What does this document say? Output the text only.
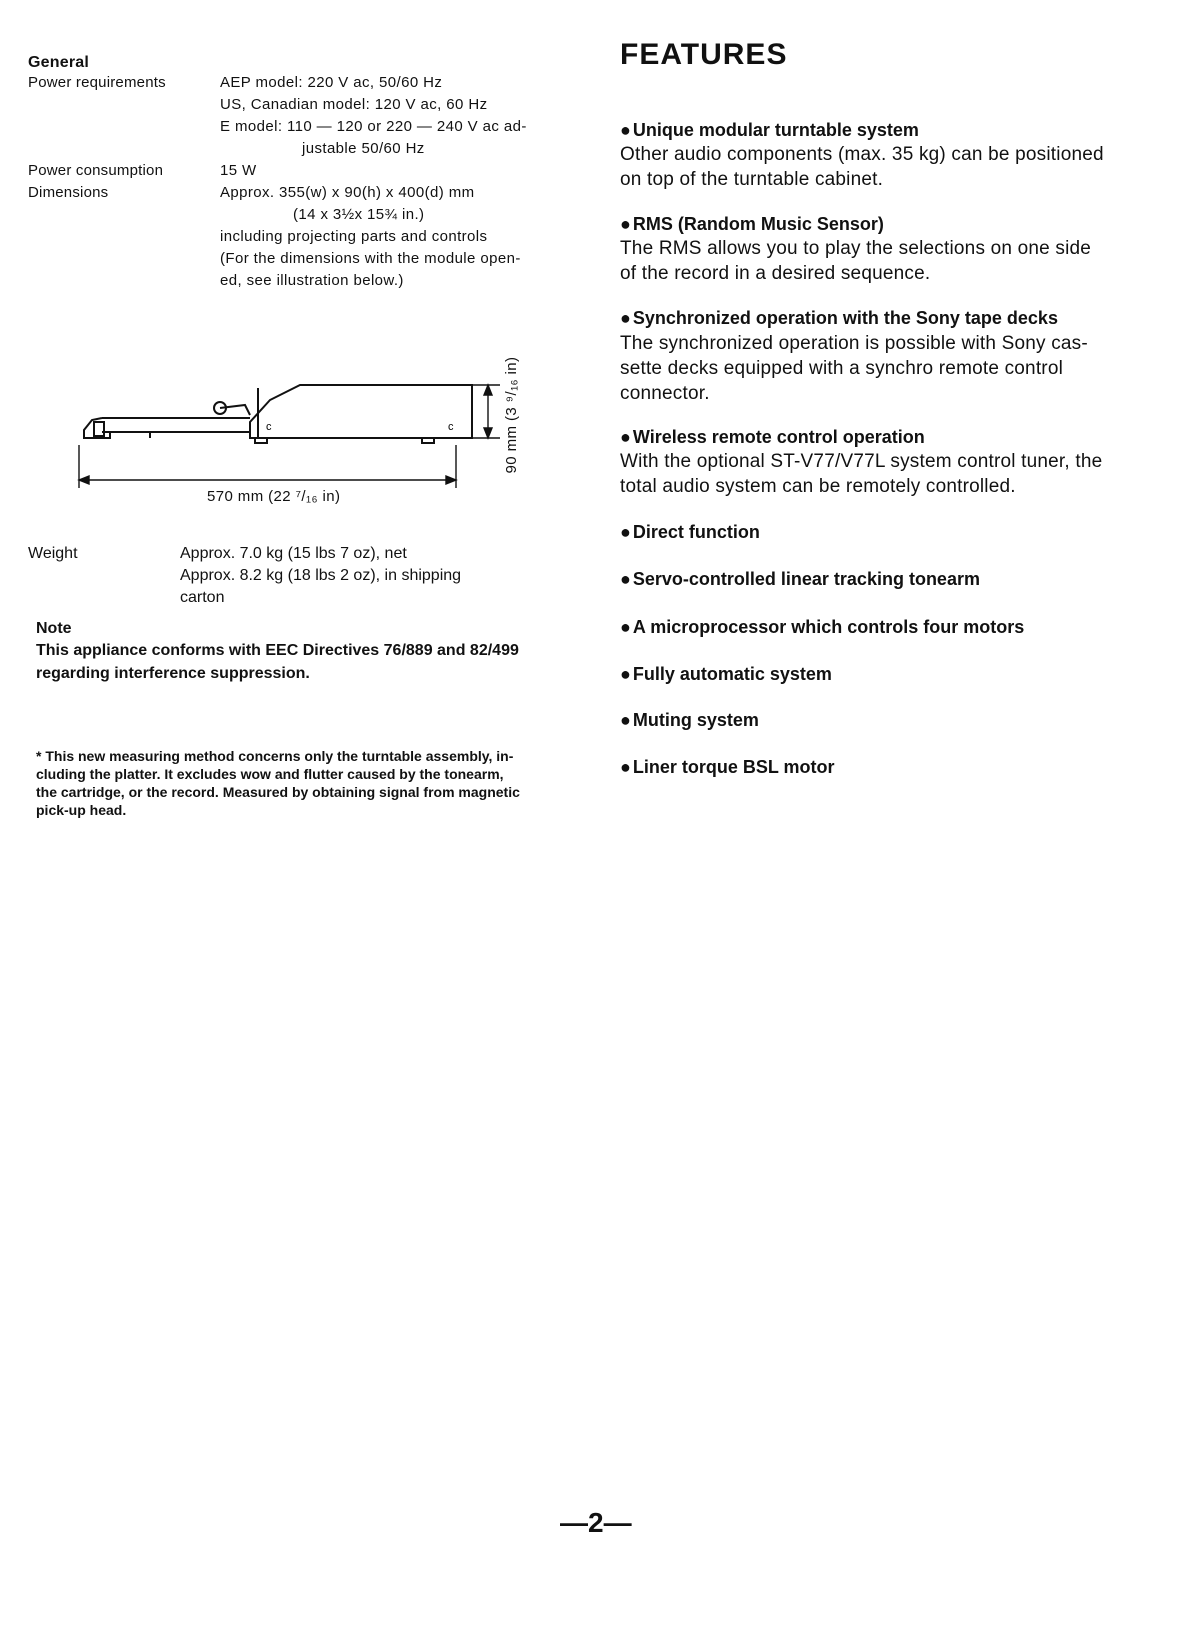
General
Power requirements	AEP model: 220 V ac, 50/60 Hz
US, Canadian model: 120 V ac, 60 Hz
E model: 110 — 120 or 220 — 240 V ac ad-
justable 50/60 Hz
Power consumption	15 W
Dimensions	Approx. 355(w) x 90(h) x 400(d) mm
(14 x 3½x 15¾ in.)
including projecting parts and controls
(For the dimensions with the module open-
ed, see illustration below.)
c	c
570 mm (22 ⁷/₁₆ in)
90 mm (3 ⁹/₁₆ in)
Weight	Approx. 7.0 kg (15 lbs 7 oz), net
Approx. 8.2 kg (18 lbs 2 oz), in shipping
carton
Note
This appliance conforms with EEC Directives 76/889 and 82/499
regarding interference suppression.
* This new measuring method concerns only the turntable assembly, in-
cluding the platter. It excludes wow and flutter caused by the tonearm,
the cartridge, or the record. Measured by obtaining signal from magnetic
pick-up head.
FEATURES
● Unique modular turntable system
Other audio components (max. 35 kg) can be positioned
on top of the turntable cabinet.
● RMS (Random Music Sensor)
The RMS allows you to play the selections on one side
of the record in a desired sequence.
● Synchronized operation with the Sony tape decks
The synchronized operation is possible with Sony cas-
sette decks equipped with a synchro remote control
connector.
● Wireless remote control operation
With the optional ST-V77/V77L system control tuner, the
total audio system can be remotely controlled.
● Direct function
● Servo-controlled linear tracking tonearm
● A microprocessor which controls four motors
● Fully automatic system
● Muting system
● Liner torque BSL motor
—2—
